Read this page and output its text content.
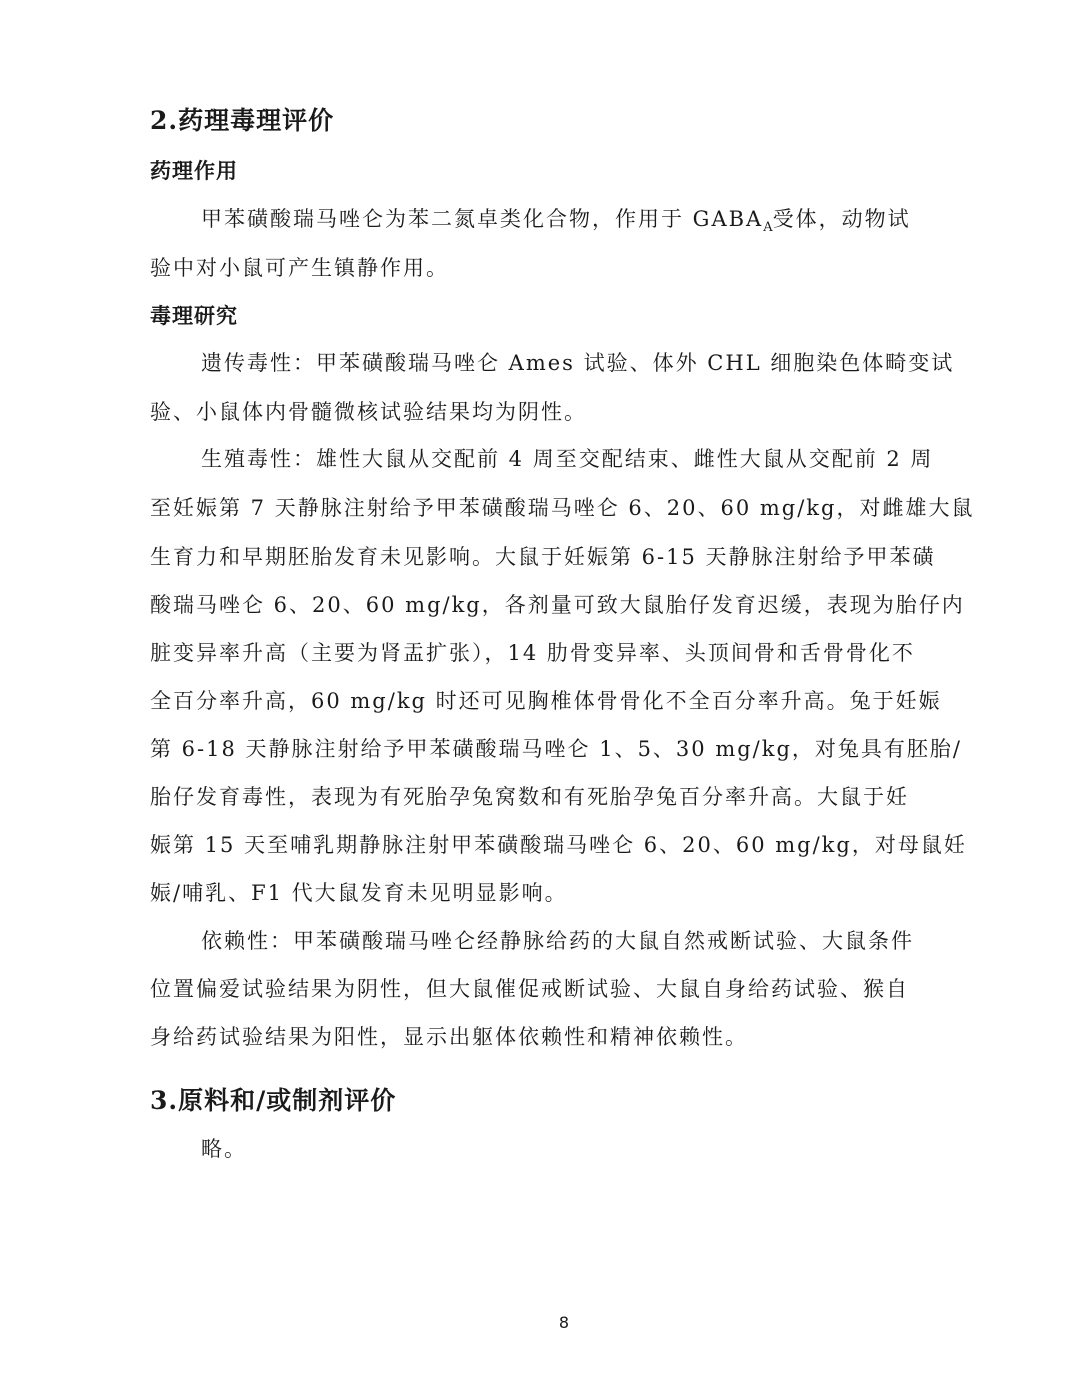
2.药理毒理评价
药理作用
甲苯磺酸瑞马唑仑为苯二氮卓类化合物，作用于 $GABA_A$受体，动物试
验中对小鼠可产生镇静作用。
毒理研究
遗传毒性：甲苯磺酸瑞马唑仑 Ames 试验、体外 CHL 细胞染色体畸变试
验、小鼠体内骨髓微核试验结果均为阴性。
生殖毒性：雄性大鼠从交配前 4 周至交配结束、雌性大鼠从交配前 2 周
至妊娠第 7 天静脉注射给予甲苯磺酸瑞马唑仑 6、20、60 mg/kg，对雌雄大鼠
生育力和早期胚胎发育未见影响。大鼠于妊娠第 6-15 天静脉注射给予甲苯磺
酸瑞马唑仑 6、20、60 mg/kg，各剂量可致大鼠胎仔发育迟缓，表现为胎仔内
脏变异率升高（主要为肾盂扩张），14 肋骨变异率、头顶间骨和舌骨骨化不
全百分率升高，60 mg/kg 时还可见胸椎体骨骨化不全百分率升高。兔于妊娠
第 6-18 天静脉注射给予甲苯磺酸瑞马唑仑 1、5、30 mg/kg，对兔具有胚胎/
胎仔发育毒性，表现为有死胎孕兔窝数和有死胎孕兔百分率升高。大鼠于妊
娠第 15 天至哺乳期静脉注射甲苯磺酸瑞马唑仑 6、20、60 mg/kg，对母鼠妊
娠/哺乳、F1 代大鼠发育未见明显影响。
依赖性：甲苯磺酸瑞马唑仑经静脉给药的大鼠自然戒断试验、大鼠条件
位置偏爱试验结果为阴性，但大鼠催促戒断试验、大鼠自身给药试验、猴自
身给药试验结果为阳性，显示出躯体依赖性和精神依赖性。
3.原料和/或制剂评价
略。
8
